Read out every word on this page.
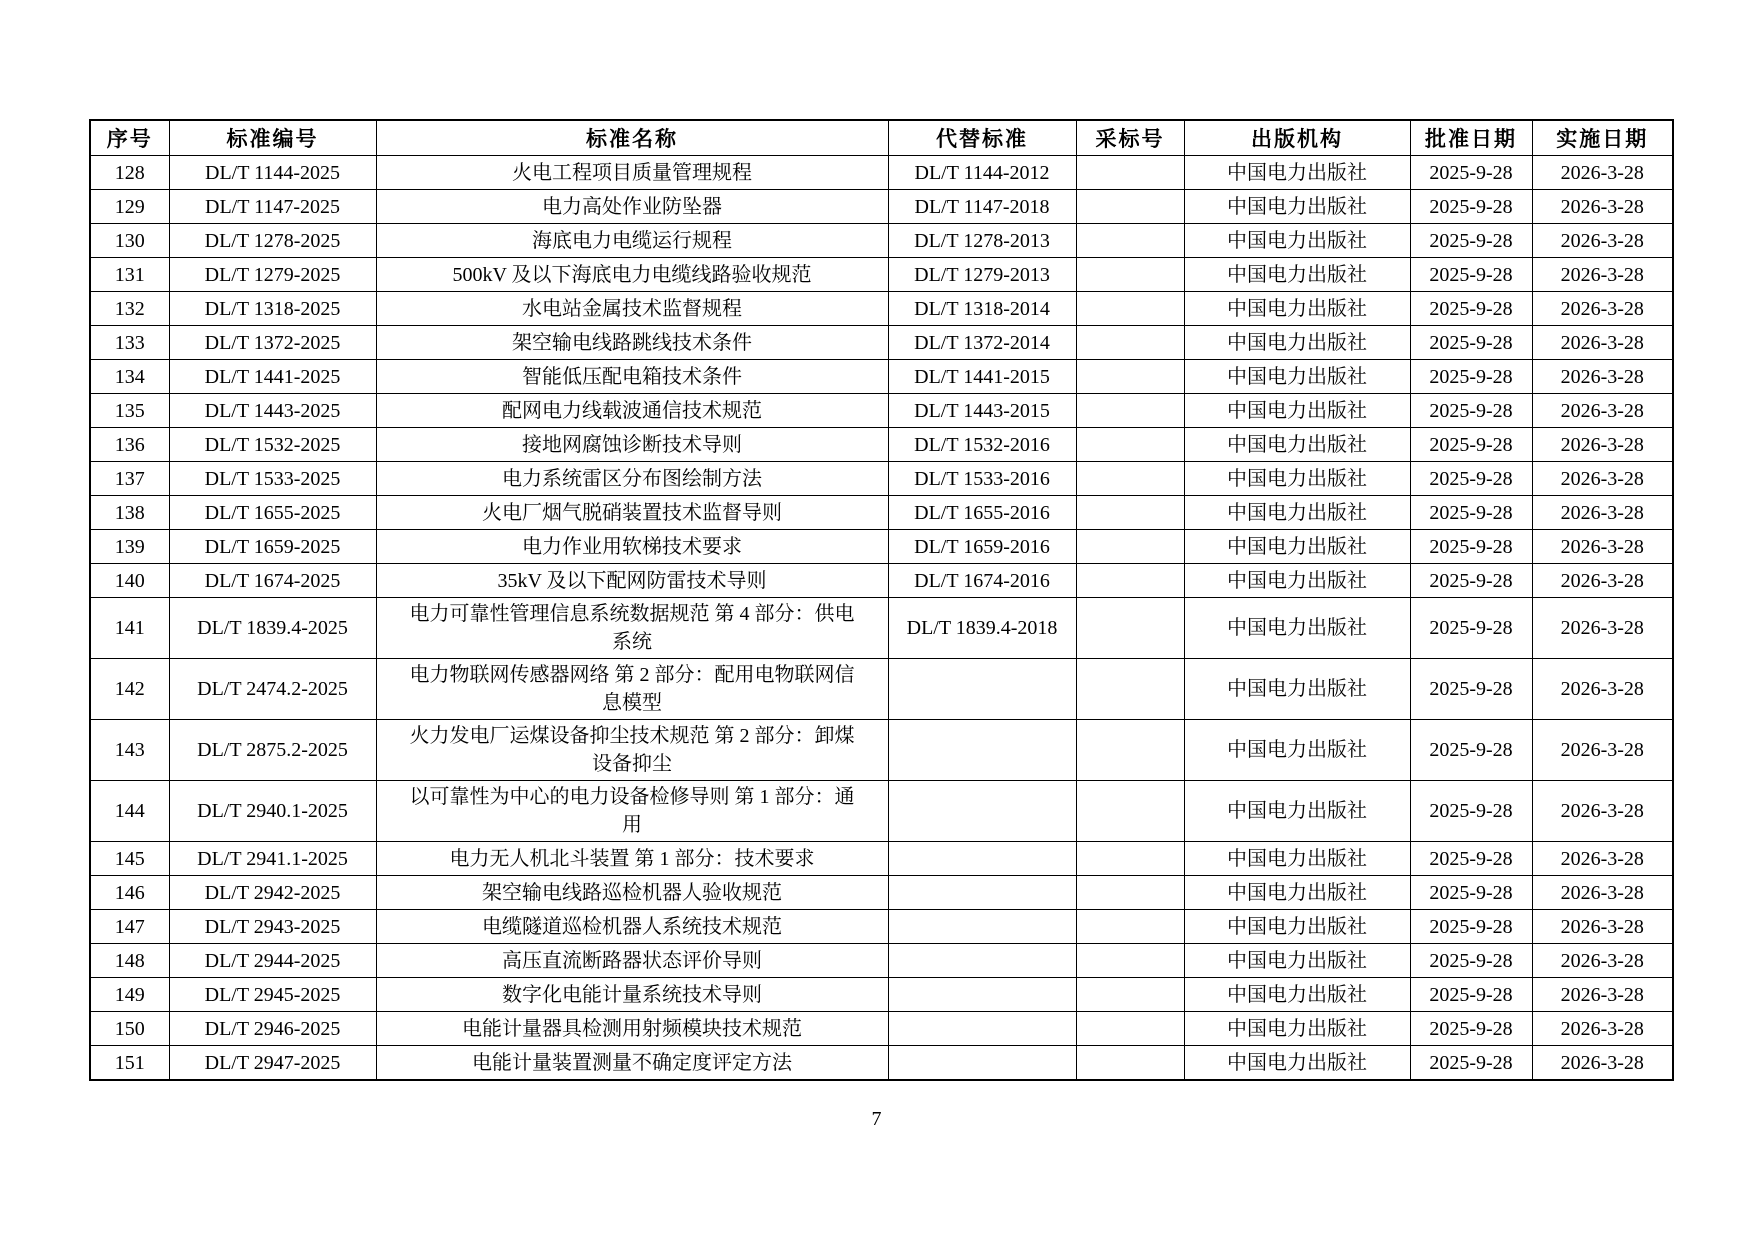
序号	标准编号	标准名称	代替标准	采标号	出版机构	批准日期	实施日期
128	DL/T 1144-2025	火电工程项目质量管理规程	DL/T 1144-2012		中国电力出版社	2025-9-28	2026-3-28
129	DL/T 1147-2025	电力高处作业防坠器	DL/T 1147-2018		中国电力出版社	2025-9-28	2026-3-28
130	DL/T 1278-2025	海底电力电缆运行规程	DL/T 1278-2013		中国电力出版社	2025-9-28	2026-3-28
131	DL/T 1279-2025	500kV 及以下海底电力电缆线路验收规范	DL/T 1279-2013		中国电力出版社	2025-9-28	2026-3-28
132	DL/T 1318-2025	水电站金属技术监督规程	DL/T 1318-2014		中国电力出版社	2025-9-28	2026-3-28
133	DL/T 1372-2025	架空输电线路跳线技术条件	DL/T 1372-2014		中国电力出版社	2025-9-28	2026-3-28
134	DL/T 1441-2025	智能低压配电箱技术条件	DL/T 1441-2015		中国电力出版社	2025-9-28	2026-3-28
135	DL/T 1443-2025	配网电力线载波通信技术规范	DL/T 1443-2015		中国电力出版社	2025-9-28	2026-3-28
136	DL/T 1532-2025	接地网腐蚀诊断技术导则	DL/T 1532-2016		中国电力出版社	2025-9-28	2026-3-28
137	DL/T 1533-2025	电力系统雷区分布图绘制方法	DL/T 1533-2016		中国电力出版社	2025-9-28	2026-3-28
138	DL/T 1655-2025	火电厂烟气脱硝装置技术监督导则	DL/T 1655-2016		中国电力出版社	2025-9-28	2026-3-28
139	DL/T 1659-2025	电力作业用软梯技术要求	DL/T 1659-2016		中国电力出版社	2025-9-28	2026-3-28
140	DL/T 1674-2025	35kV 及以下配网防雷技术导则	DL/T 1674-2016		中国电力出版社	2025-9-28	2026-3-28
141	DL/T 1839.4-2025	电力可靠性管理信息系统数据规范 第 4 部分：供电系统	DL/T 1839.4-2018		中国电力出版社	2025-9-28	2026-3-28
142	DL/T 2474.2-2025	电力物联网传感器网络 第 2 部分：配用电物联网信息模型			中国电力出版社	2025-9-28	2026-3-28
143	DL/T 2875.2-2025	火力发电厂运煤设备抑尘技术规范 第 2 部分：卸煤设备抑尘			中国电力出版社	2025-9-28	2026-3-28
144	DL/T 2940.1-2025	以可靠性为中心的电力设备检修导则 第 1 部分：通用			中国电力出版社	2025-9-28	2026-3-28
145	DL/T 2941.1-2025	电力无人机北斗装置 第 1 部分：技术要求			中国电力出版社	2025-9-28	2026-3-28
146	DL/T 2942-2025	架空输电线路巡检机器人验收规范			中国电力出版社	2025-9-28	2026-3-28
147	DL/T 2943-2025	电缆隧道巡检机器人系统技术规范			中国电力出版社	2025-9-28	2026-3-28
148	DL/T 2944-2025	高压直流断路器状态评价导则			中国电力出版社	2025-9-28	2026-3-28
149	DL/T 2945-2025	数字化电能计量系统技术导则			中国电力出版社	2025-9-28	2026-3-28
150	DL/T 2946-2025	电能计量器具检测用射频模块技术规范			中国电力出版社	2025-9-28	2026-3-28
151	DL/T 2947-2025	电能计量装置测量不确定度评定方法			中国电力出版社	2025-9-28	2026-3-28
7
